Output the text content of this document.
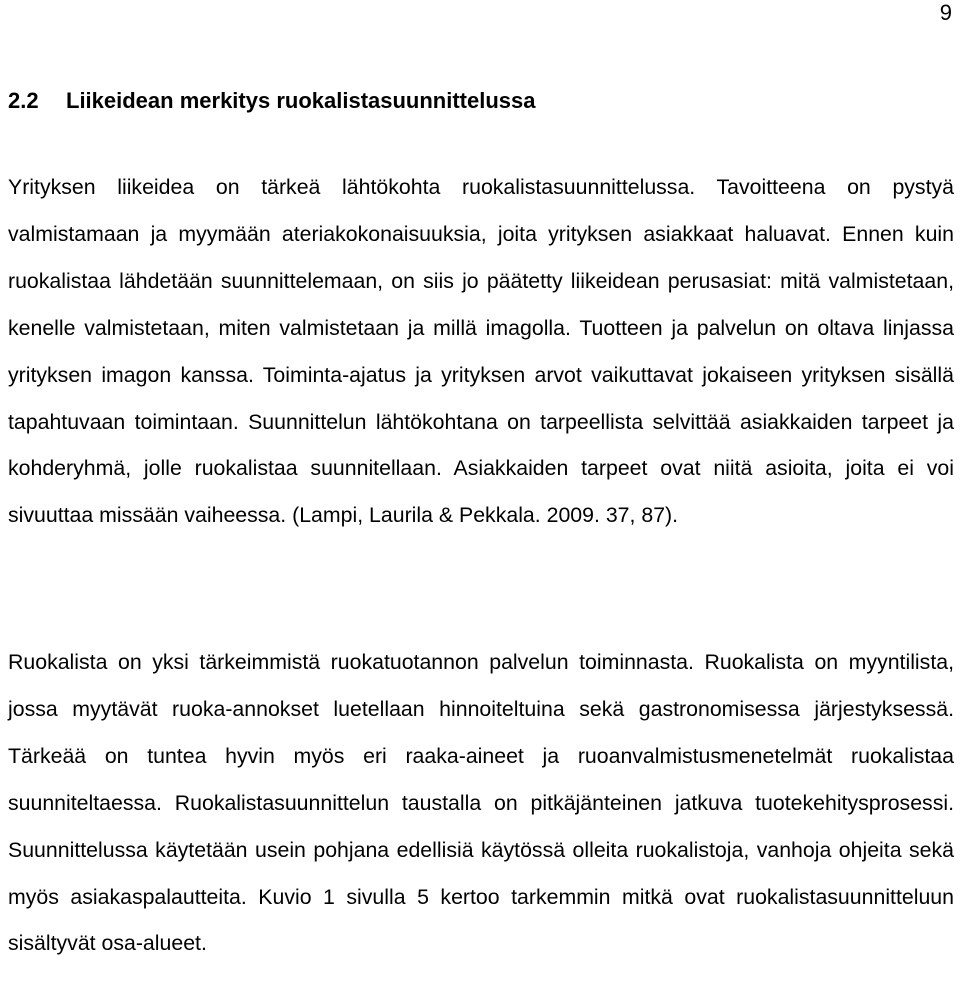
9
2.2 Liikeidean merkitys ruokalistasuunnittelussa

Yrityksen liikeidea on tärkeä lähtökohta ruokalistasuunnittelussa. Tavoitteena on pystyä valmistamaan ja myymään ateriakokonaisuuksia, joita yrityksen asiakkaat haluavat. Ennen kuin ruokalistaa lähdetään suunnittelemaan, on siis jo päätetty liikeidean perusasiat: mitä valmistetaan, kenelle valmistetaan, miten valmistetaan ja millä imagolla. Tuotteen ja palvelun on oltava linjassa yrityksen imagon kanssa. Toiminta-ajatus ja yrityksen arvot vaikuttavat jokaiseen yrityksen sisällä tapahtuvaan toimintaan. Suunnittelun lähtökohtana on tarpeellista selvittää asiakkaiden tarpeet ja kohderyhmä, jolle ruokalistaa suunnitellaan. Asiakkaiden tarpeet ovat niitä asioita, joita ei voi sivuuttaa missään vaiheessa. (Lampi, Laurila & Pekkala. 2009. 37, 87).

Ruokalista on yksi tärkeimmistä ruokatuotannon palvelun toiminnasta. Ruokalista on myyntilista, jossa myytävät ruoka-annokset luetellaan hinnoiteltuina sekä gastronomisessa järjestyksessä. Tärkeää on tuntea hyvin myös eri raaka-aineet ja ruoanvalmistusmenetelmät ruokalistaa suunniteltaessa. Ruokalistasuunnittelun taustalla on pitkäjänteinen jatkuva tuotekehitysprosessi. Suunnittelussa käytetään usein pohjana edellisiä käytössä olleita ruokalistoja, vanhoja ohjeita sekä myös asiakaspalautteita. Kuvio 1 sivulla 5 kertoo tarkemmin mitkä ovat ruokalistasuunnitteluun sisältyvät osa-alueet.
